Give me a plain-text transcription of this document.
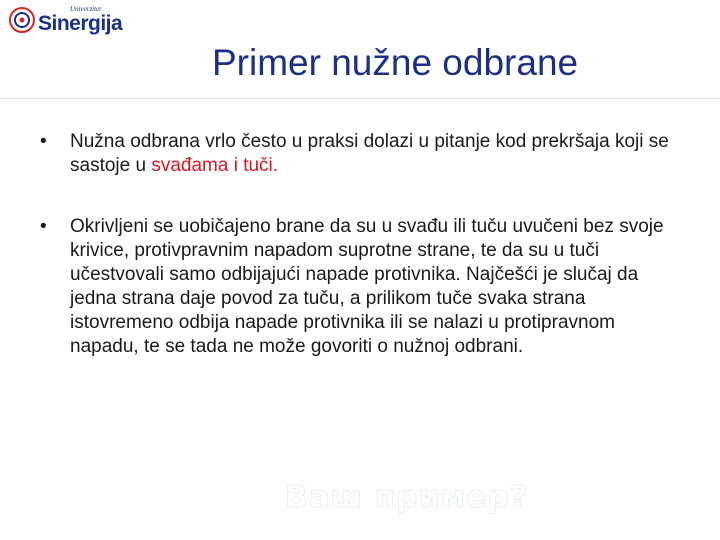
Univerzitet
Sinergija
Primer nužne odbrane

•	Nužna odbrana vrlo često u praksi dolazi u pitanje kod prekršaja koji se sastoje u svađama i tuči.

•	Okrivljeni se uobičajeno brane da su u svađu ili tuču uvučeni bez svoje krivice, protivpravnim napadom suprotne strane, te da su u tuči učestvovali samo odbijajući napade protivnika. Najčešći je slučaj da jedna strana daje povod za tuču, a prilikom tuče svaka strana istovremeno odbija napade protivnika ili se nalazi u protipravnom napadu, te se tada ne može govoriti o nužnoj odbrani.

Ваш пример?
